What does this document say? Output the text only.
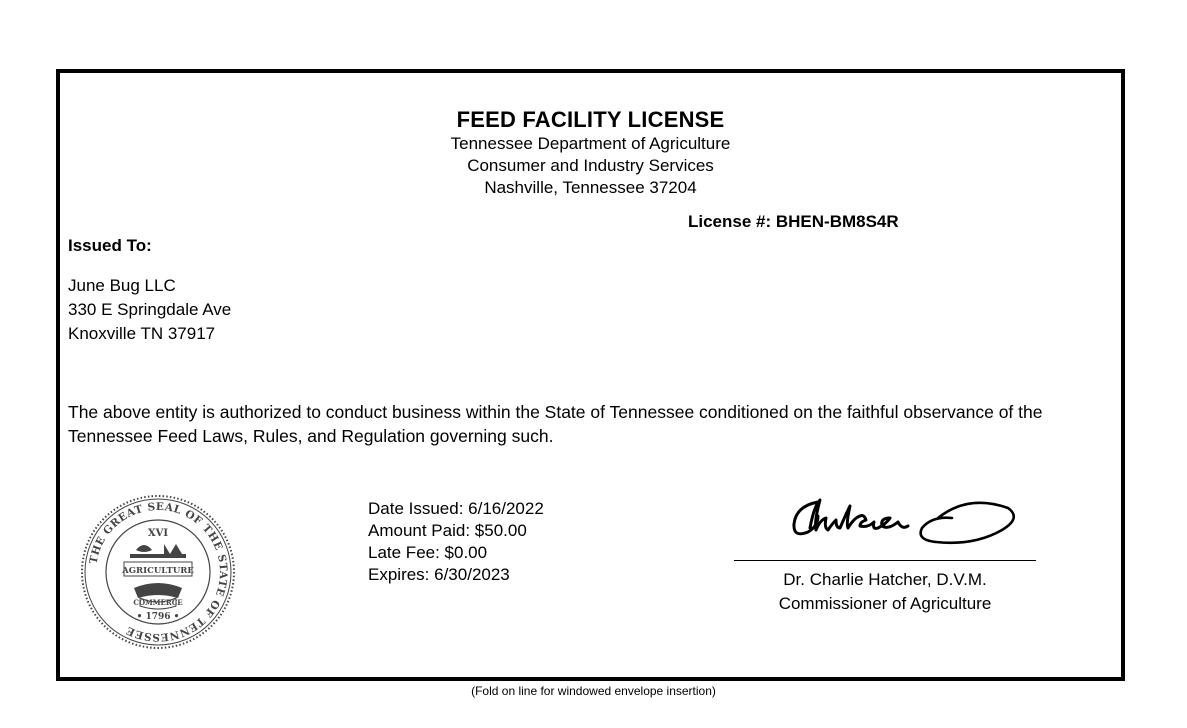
FEED FACILITY LICENSE
Tennessee Department of Agriculture
Consumer and Industry Services
Nashville, Tennessee 37204
License #: BHEN-BM8S4R
Issued To:
June Bug LLC
330 E Springdale Ave
Knoxville TN 37917
The above entity is authorized to conduct business within the State of Tennessee conditioned on the faithful observance of the Tennessee Feed Laws, Rules, and Regulation governing such.
THE GREAT SEAL OF THE STATE OF TENNESSEE
XVI
AGRICULTURE
COMMERCE
• 1796 •
Date Issued: 6/16/2022
Amount Paid: $50.00
Late Fee: $0.00
Expires: 6/30/2023	Dr. Charlie Hatcher, D.V.M.
Commissioner of Agriculture
(Fold on line for windowed envelope insertion)
